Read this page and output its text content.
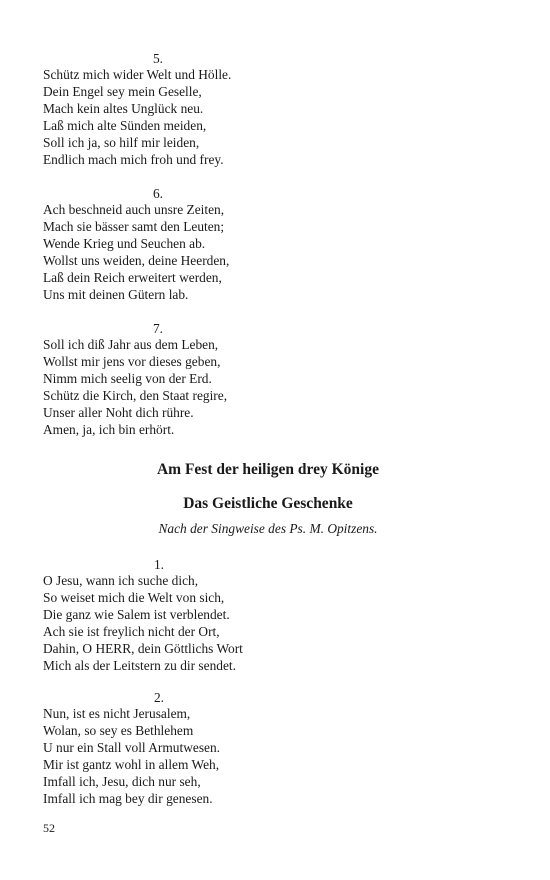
5.
Schütz mich wider Welt und Hölle.
Dein Engel sey mein Geselle,
Mach kein altes Unglück neu.
Laß mich alte Sünden meiden,
Soll ich ja, so hilf mir leiden,
Endlich mach mich froh und frey.
6.
Ach beschneid auch unsre Zeiten,
Mach sie bässer samt den Leuten;
Wende Krieg und Seuchen ab.
Wollst uns weiden, deine Heerden,
Laß dein Reich erweitert werden,
Uns mit deinen Gütern lab.
7.
Soll ich diß Jahr aus dem Leben,
Wollst mir jens vor dieses geben,
Nimm mich seelig von der Erd.
Schütz die Kirch, den Staat regire,
Unser aller Noht dich rühre.
Amen, ja, ich bin erhört.
Am Fest der heiligen drey Könige
Das Geistliche Geschenke
Nach der Singweise des Ps. M. Opitzens.
1.
O Jesu, wann ich suche dich,
So weiset mich die Welt von sich,
Die ganz wie Salem ist verblendet.
Ach sie ist freylich nicht der Ort,
Dahin, O HERR, dein Göttlichs Wort
Mich als der Leitstern zu dir sendet.
2.
Nun, ist es nicht Jerusalem,
Wolan, so sey es Bethlehem
U nur ein Stall voll Armutwesen.
Mir ist gantz wohl in allem Weh,
Imfall ich, Jesu, dich nur seh,
Imfall ich mag bey dir genesen.
52
